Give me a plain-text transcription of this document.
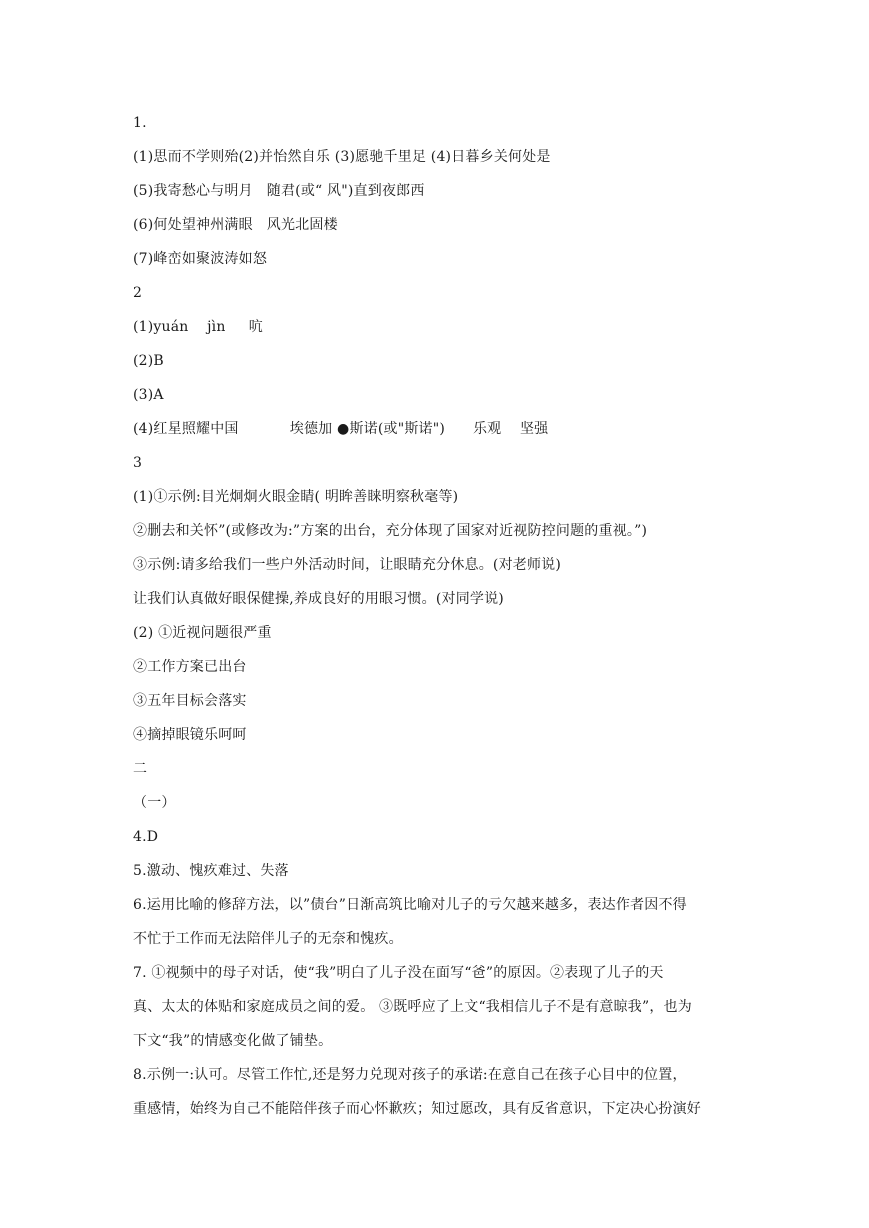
1.
(1)思而不学则殆(2)并怡然自乐 (3)愿驰千里足 (4)日暮乡关何处是
(5)我寄愁心与明月   随君(或“ 风")直到夜郎西
(6)何处望神州满眼   风光北固楼
(7)峰峦如聚波涛如怒
2
(1)yuán    jìn     吭
(2)B
(3)A
(4)红星照耀中国           埃德加 ●斯诺(或"斯诺")      乐观    坚强
3
(1)①示例:目光炯炯火眼金睛( 明眸善睐明察秋毫等)
②删去和关怀”(或修改为:”方案的出台，充分体现了国家对近视防控问题的重视。”)
③示例:请多给我们一些户外活动时间，让眼睛充分休息。(对老师说)
让我们认真做好眼保健操,养成良好的用眼习惯。(对同学说)
(2) ①近视问题很严重
②工作方案已出台
③五年目标会落实
④摘掉眼镜乐呵呵
二
（一）
4.D
5.激动、愧疚难过、失落
6.运用比喻的修辞方法，以”债台”日渐高筑比喻对儿子的亏欠越来越多，表达作者因不得
不忙于工作而无法陪伴儿子的无奈和愧疚。
7. ①视频中的母子对话，使“我”明白了儿子没在面写“爸”的原因。②表现了儿子的天
真、太太的体贴和家庭成员之间的爱。 ③既呼应了上文“我相信儿子不是有意晾我”，也为
下文“我”的情感变化做了铺垫。
8.示例一:认可。尽管工作忙,还是努力兑现对孩子的承诺:在意自己在孩子心目中的位置，
重感情，始终为自己不能陪伴孩子而心怀歉疚；知过愿改，具有反省意识，下定决心扮演好
